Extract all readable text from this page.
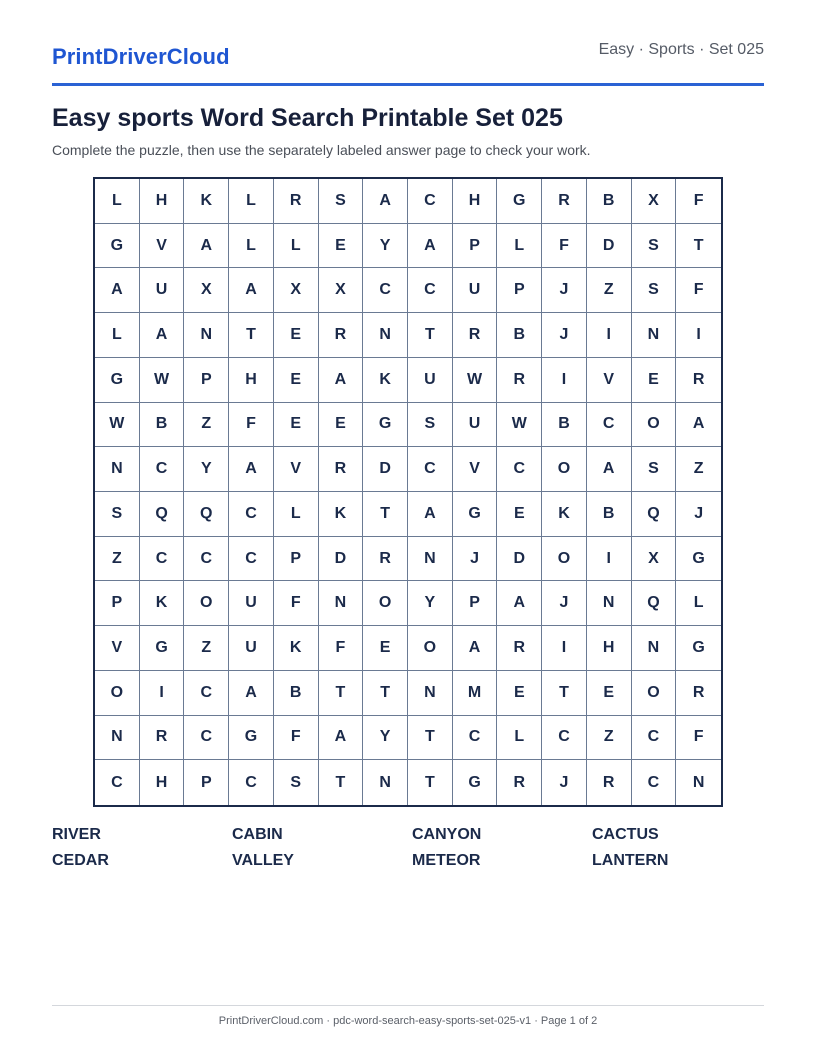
PrintDriverCloud	Easy · Sports · Set 025
Easy sports Word Search Printable Set 025

Complete the puzzle, then use the separately labeled answer page to check your work.

L	H	K	L	R	S	A	C	H	G	R	B	X	F
G	V	A	L	L	E	Y	A	P	L	F	D	S	T
A	U	X	A	X	X	C	C	U	P	J	Z	S	F
L	A	N	T	E	R	N	T	R	B	J	I	N	I
G	W	P	H	E	A	K	U	W	R	I	V	E	R
W	B	Z	F	E	E	G	S	U	W	B	C	O	A
N	C	Y	A	V	R	D	C	V	C	O	A	S	Z
S	Q	Q	C	L	K	T	A	G	E	K	B	Q	J
Z	C	C	C	P	D	R	N	J	D	O	I	X	G
P	K	O	U	F	N	O	Y	P	A	J	N	Q	L
V	G	Z	U	K	F	E	O	A	R	I	H	N	G
O	I	C	A	B	T	T	N	M	E	T	E	O	R
N	R	C	G	F	A	Y	T	C	L	C	Z	C	F
C	H	P	C	S	T	N	T	G	R	J	R	C	N
RIVER	CABIN	CANYON	CACTUS
CEDAR	VALLEY	METEOR	LANTERN
PrintDriverCloud.com · pdc-word-search-easy-sports-set-025-v1 · Page 1 of 2
